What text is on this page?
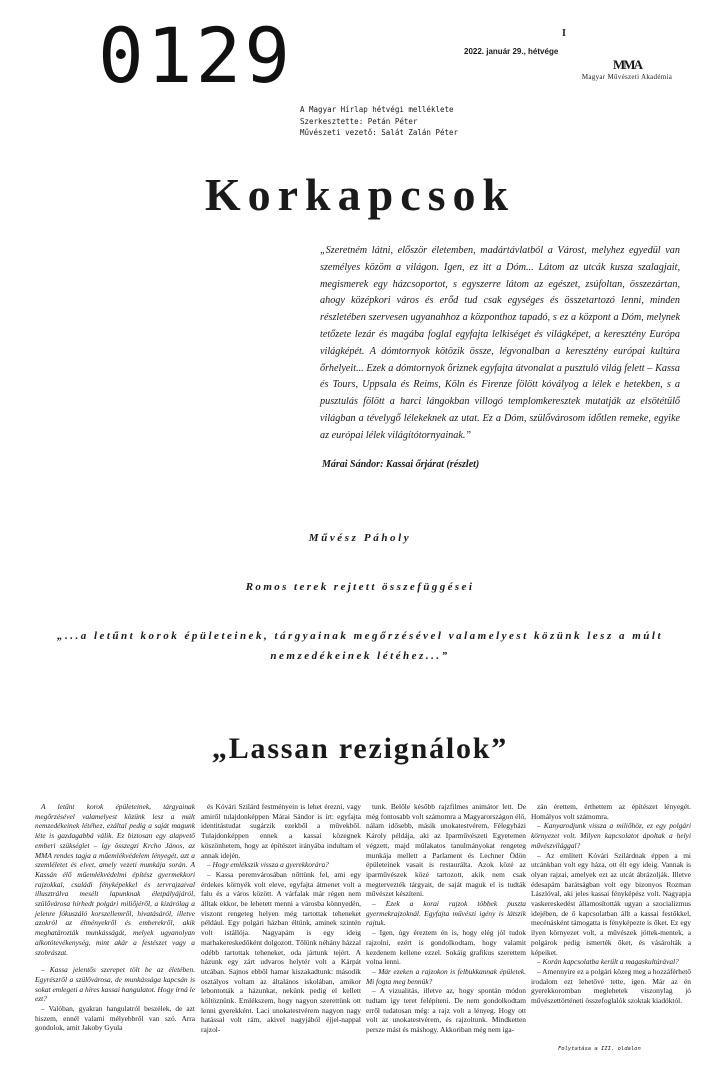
0129	I
2022. január 29., hétvége
MMA
Magyar Művészeti Akadémia
A Magyar Hírlap hétvégi melléklete
Szerkesztette: Petán Péter
Művészeti vezető: Salát Zalán Péter
Korkapcsok
„Szeretném látni, először életemben, madártávlatból a Várost, melyhez egyedül van személyes közöm a világon. Igen, ez itt a Dóm... Látom az utcák kusza szalagjait, megismerek egy házcsoportot, s egyszerre látom az egészet, zsúfoltan, összezártan, ahogy középkori város és erőd tud csak egységes és összetartozó lenni, minden részletében szervesen ugyanahhoz a központhoz tapadó, s ez a központ a Dóm, melynek tetőzete lezár és magába foglal egyfajta lelkiséget és világképet, a keresztény Európa világképét. A dómtornyok kötözik össze, légvonalban a keresztény európai kultúra őrhelyeit... Ezek a dómtornyok őriznek egyfajta útvonalat a pusztuló világ felett – Kassa és Tours, Uppsala és Reims, Köln és Firenze fölött kóvályog a lélek e hetekben, s a pusztulás fölött a harci lángokban villogó templomkeresztek mutatják az elsötétülő világban a tévelygő lélekeknek az utat. Ez a Dóm, szülővárosom időtlen remeke, egyike az európai lélek világítótornyainak.”
Márai Sándor: Kassai őrjárat (részlet)
Művész Páholy
Romos terek rejtett összefüggései
„...a letűnt korok épületeinek, tárgyainak megőrzésével valamelyest közünk lesz a múlt nemzedékeinek létéhez...”
„Lassan rezignálok”

A letűnt korok épületeinek, tárgyainak megőrzésével valamelyest közünk lesz a múlt nemzedékeinek létéhez, ezáltal pedig a saját magunk léte is gazdagabbá válik. Ez biztosan egy alapvető emberi szükséglet – így összegzi Krcho János, az MMA rendes tagja a műemlékvédelem lényegét, azt a szemléletet és elvet, amely vezeti munkája során. A Kassán élő műemlékvédelmi építész gyermekkori rajzokkal, családi fényképekkel és tervrajzaival illusztrálva mesélt lapunknak életpályájáról, szülővárosa hírhedt polgári miliőjéről, a kizárólag a jelenre fókuszáló korszellemről, hivatásáról, illetve azokról az élményekről és emberekről, akik meghatározták munkásságát, melyek ugyanolyan alkotótevékenység, mint akár a festészet vagy a szobrászat.

– Kassa jelentős szerepet tölt be az életében. Egyrészről a szülővárosa, de munkássága kapcsán is sokat emlegeti a híres kassai hangulatot. Hogy írná le ezt?

– Valóban, gyakran hangulatról beszélek, de azt hiszem, ennél valami mélyebbről van szó. Arra gondolok, amit Jakoby Gyula

és Kóvári Szilárd festményein is lehet érezni, vagy amiről tulajdonképpen Márai Sándor is írt: egyfajta identitástudat sugárzik ezekből a művekből. Tulajdonképpen ennek a kassai közegnek köszönhetem, hogy az építészet irányába indultam el annak idején.

– Hogy emlékszik vissza a gyerekkorára?

– Kassa peremvárosában nőttünk fel, ami egy érdekes környék volt eleve, egyfajta átmenet volt a falu és a város között. A várfalak már régen nem álltak ekkor, be lehetett menni a városba könnyedén, viszont rengeteg helyen még tartottak teheneket például. Egy polgári házban éltünk, aminek szintén volt istállója. Nagyapám is egy ideig marhakereskedőként dolgozott. Tőlünk néhány házzal odébb tartottak teheneket, oda jártunk tejért. A házunk egy zárt udvaros helytér volt a Kárpát utcában. Sajnos ebből hamar kiszakadtunk: második osztályos voltam az általános iskolában, amikor lebontották a házunkat, nekünk pedig el kellett költöznünk. Emlékszem, hogy nagyon szerettünk ott lenni gyerekként. Laci unokatestvérem nagyon nagy hatással volt rám, akivel nagyjából éjjel-nappal rajzol-

tunk. Belőle később rajzfilmes animátor lett. De még fontosabb volt számomra a Magyarországon élő, nálam idősebb, másik unokatestvérem, Félegyházi Károly példája, aki az Iparművészeti Egyetemen végzett, majd műlakatos tanulmányokat rengeteg munkája mellett a Parlament és Lechner Ödön épületeinek vasait is restaurálta. Azok közé az iparművészek közé tartozott, akik nem csak megtervezték tárgyait, de saját maguk el is tudták művészet készíteni.

– Ezek a korai rajzok többek puszta gyermekrajzoknál. Egyfajta művészi igény is látszik rajtuk.

– Igen, úgy éreztem én is, hogy elég jól tudok rajzolni, ezért is gondolkodtam, hogy valamit kezdenem kellene ezzel. Sokáig grafikus szerettem volna lenni.

– Már ezeken a rajzokon is felbukkannak épületek. Mi fogta meg bennük?

– A vizualitás, illetve az, hogy spontán módon tudtam így teret felépíteni. De nem gondolkodtam erről tudatosan még: a rajz volt a lényeg. Hogy ott volt az unokatestvérem, és rajzoltunk. Mindketten persze mást és máshogy. Akkoriban még nem iga-

zán érettem, érthettem az építészet lényegét. Homályos volt számomra.

– Kanyarodjunk vissza a miliőhöz, ez egy polgári környezet volt. Milyen kapcsolatot ápoltak a helyi művészvilággal?

– Az említett Kóvári Szilárdnak éppen a mi utcánkban volt egy háza, ott élt egy ideig. Vannak is olyan rajzai, amelyek ezt az utcát ábrázolják. Illetve édesapám barátságban volt egy bizonyos Rozman Lászlóval, aki jeles kassai fényképész volt. Nagyapja vaskereskedést államosították ugyan a szocializmus idejében, de ő kapcsolatban állt a kassai festőkkel, mecénásként támogatta is fényképezte is őket. Ez egy ilyen környezet volt, a művészek jöttek-mentek, a polgárok pedig ismerték őket, és vásárolták a képeiket.

– Korán kapcsolatba került a magaskultúrával?

– Amennyire ez a polgári közeg meg a hozzáférhető irodalom ezt lehetővé tette, igen. Már az én gyerekkoromban meglehetek viszonylag jó művészettörténeti összefoglalók szoktak kiadóktól.

Folytatása a III. oldalon
